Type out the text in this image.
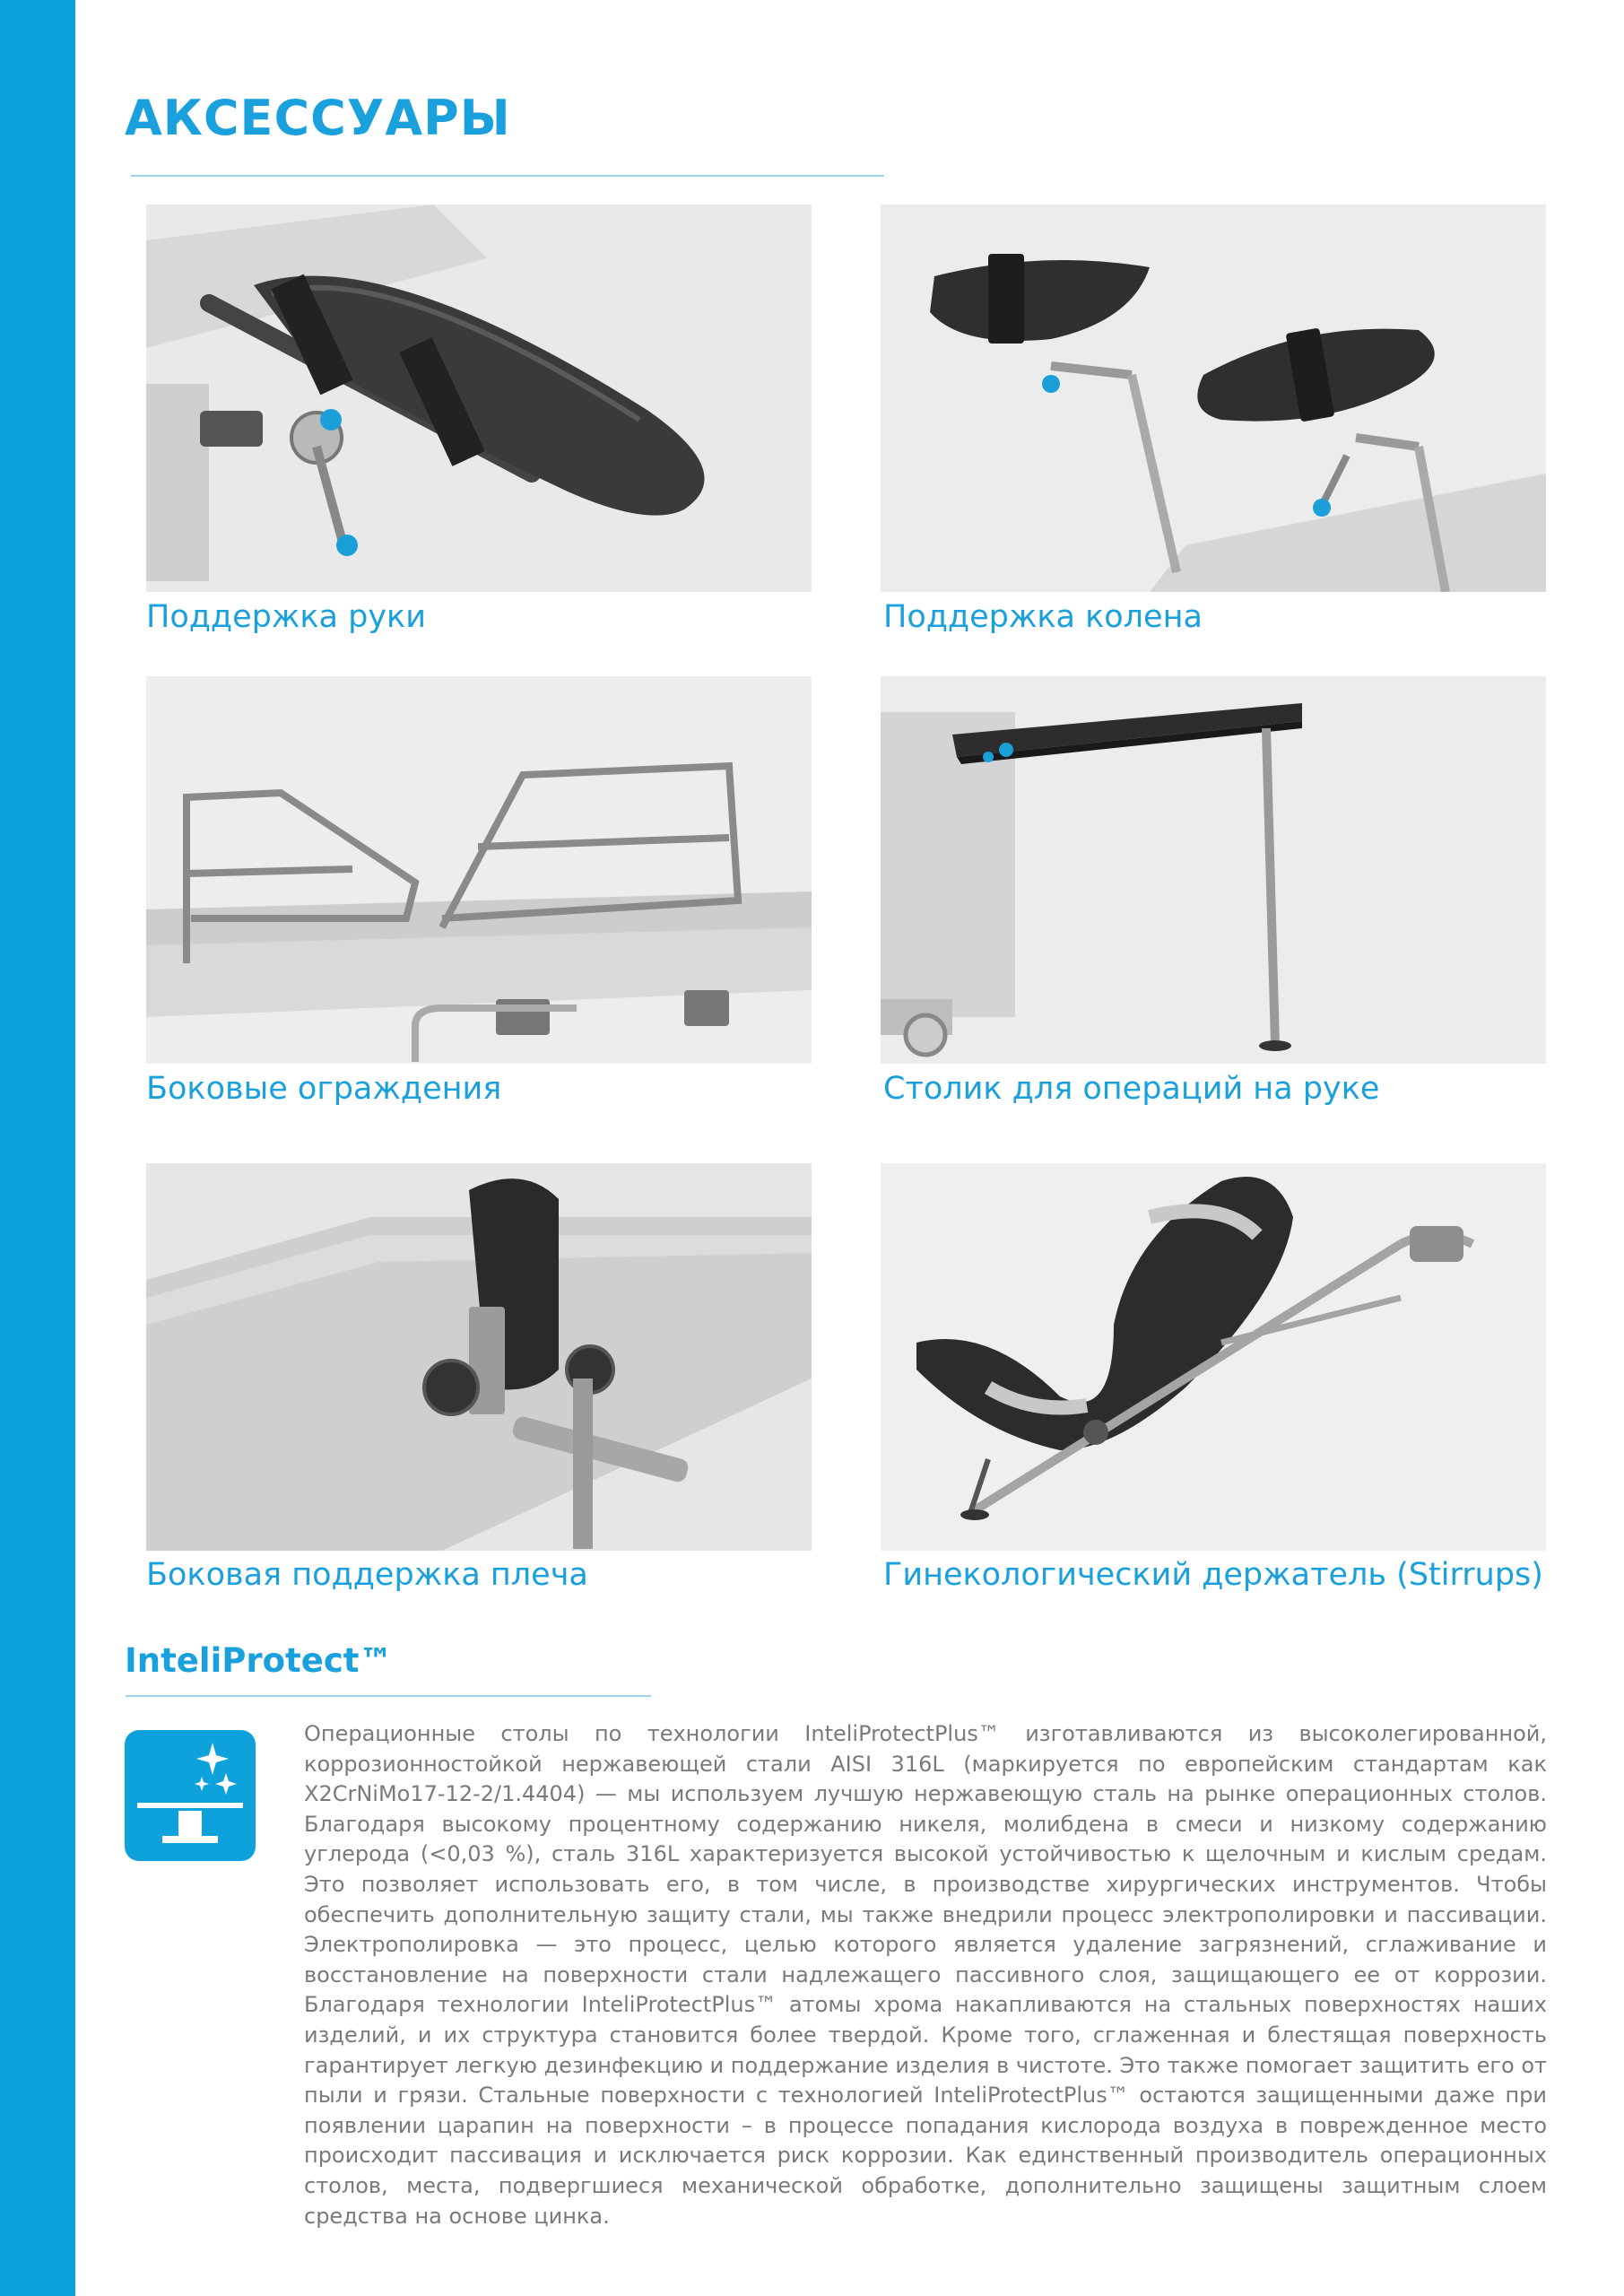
АКСЕССУАРЫ

Поддержка руки	Поддержка колена

Боковые ограждения	Столик для операций на руке

Боковая поддержка плеча	Гинекологический держатель (Stirrups)

InteliProtect™

Операционные столы по технологии InteliProtectPlus™ изготавливаются из высоколегированной, коррозионностойкой нержавеющей стали AISI 316L (маркируется по европейским стандартам как X2CrNiMo17-12-2/1.4404) — мы используем лучшую нержавеющую сталь на рынке операционных столов. Благодаря высокому процентному содержанию никеля, молибдена в смеси и низкому содержанию углерода (<0,03 %), сталь 316L характеризуется высокой устойчивостью к щелочным и кислым средам. Это позволяет использовать его, в том числе, в производстве хирургических инструментов. Чтобы обеспечить дополнительную защиту стали, мы также внедрили процесс электрополировки и пассивации. Электрополировка — это процесс, целью которого является удаление загрязнений, сглаживание и восстановление на поверхности стали надлежащего пассивного слоя, защищающего ее от коррозии. Благодаря технологии InteliProtectPlus™ атомы хрома накапливаются на стальных поверхностях наших изделий, и их структура становится более твердой. Кроме того, сглаженная и блестящая поверхность гарантирует легкую дезинфекцию и поддержание изделия в чистоте. Это также помогает защитить его от пыли и грязи. Стальные поверхности с технологией InteliProtectPlus™ остаются защищенными даже при появлении царапин на поверхности – в процессе попадания кислорода воздуха в поврежденное место происходит пассивация и исключается риск коррозии. Как единственный производитель операционных столов, места, подвергшиеся механической обработке, дополнительно защищены защитным слоем средства на основе цинка.
